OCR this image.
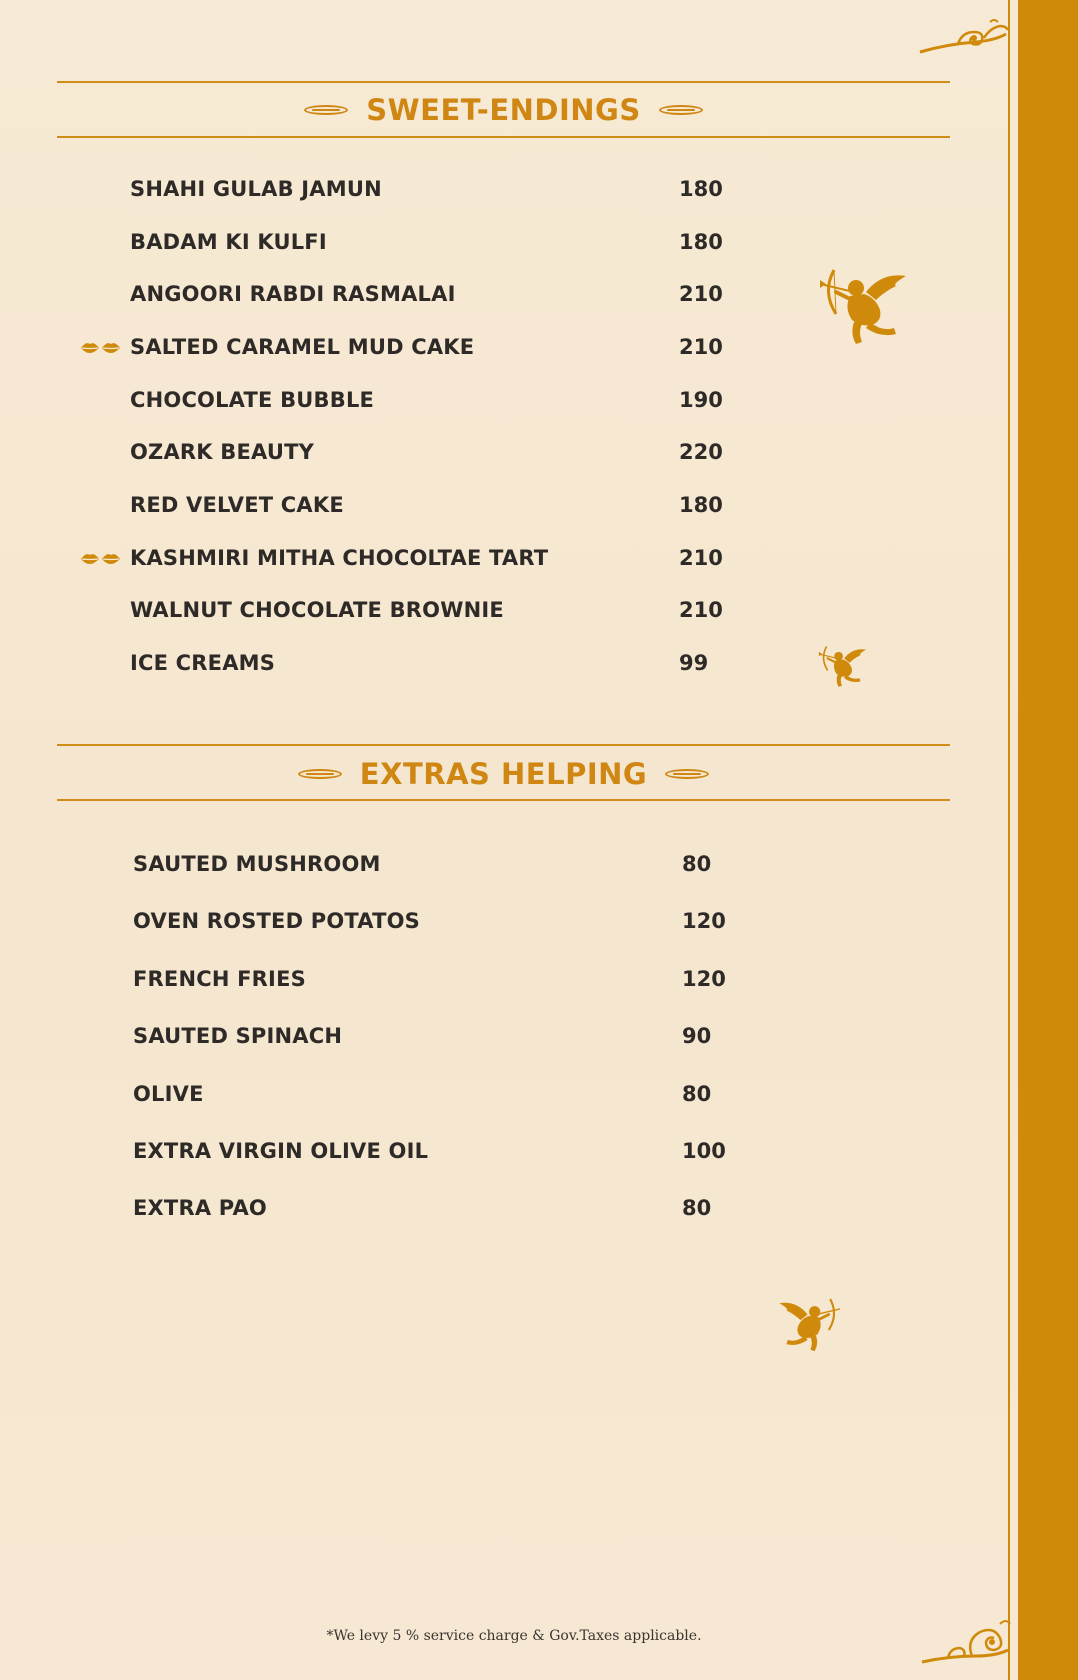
SWEET-ENDINGS
SHAHI GULAB JAMUN	180
BADAM KI KULFI	180
ANGOORI RABDI RASMALAI	210
SALTED CARAMEL MUD CAKE	210
CHOCOLATE BUBBLE	190
OZARK BEAUTY	220
RED VELVET CAKE	180
KASHMIRI MITHA CHOCOLTAE TART	210
WALNUT CHOCOLATE BROWNIE	210
ICE CREAMS	99
EXTRAS HELPING
SAUTED MUSHROOM	80
OVEN ROSTED POTATOS	120
FRENCH FRIES	120
SAUTED SPINACH	90
OLIVE	80
EXTRA VIRGIN OLIVE OIL	100
EXTRA PAO	80
*We levy 5 % service charge & Gov.Taxes applicable.
